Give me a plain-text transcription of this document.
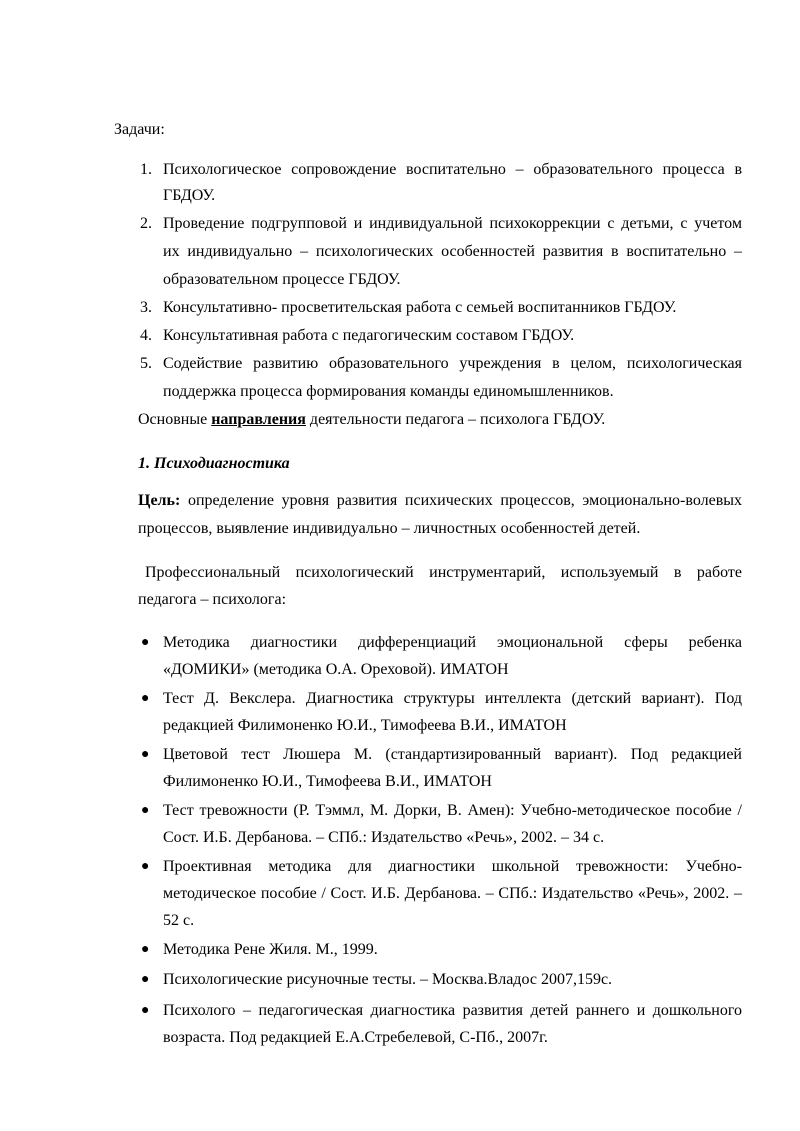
Задачи:
1. Психологическое сопровождение воспитательно – образовательного процесса в
ГБДОУ.
2. Проведение подгрупповой и индивидуальной психокоррекции с детьми, с учетом
их индивидуально – психологических особенностей развития в воспитательно –
образовательном процессе ГБДОУ.
3. Консультативно- просветительская работа с семьей воспитанников ГБДОУ.
4. Консультативная работа с педагогическим составом ГБДОУ.
5. Содействие развитию образовательного учреждения в целом, психологическая
поддержка процесса формирования команды единомышленников.
Основные направления деятельности педагога – психолога ГБДОУ.
1. Психодиагностика
Цель: определение уровня развития психических процессов, эмоционально-волевых
процессов, выявление индивидуально – личностных особенностей детей.
Профессиональный психологический инструментарий, используемый в работе
педагога – психолога:
● Методика диагностики дифференциаций эмоциональной сферы ребенка
«ДОМИКИ» (методика О.А. Ореховой). ИМАТОН
● Тест Д. Векслера. Диагностика структуры интеллекта (детский вариант). Под
редакцией Филимоненко Ю.И., Тимофеева В.И., ИМАТОН
● Цветовой тест Люшера М. (стандартизированный вариант). Под редакцией
Филимоненко Ю.И., Тимофеева В.И., ИМАТОН
● Тест тревожности (Р. Тэммл, М. Дорки, В. Амен): Учебно-методическое пособие /
Сост. И.Б. Дербанова. – СПб.: Издательство «Речь», 2002. – 34 с.
● Проективная методика для диагностики школьной тревожности: Учебно-
методическое пособие / Сост. И.Б. Дербанова. – СПб.: Издательство «Речь», 2002. –
52 с.
● Методика Рене Жиля. М., 1999.
● Психологические рисуночные тесты. – Москва.Владос 2007,159с.
● Психолого – педагогическая диагностика развития детей раннего и дошкольного
возраста. Под редакцией Е.А.Стребелевой, С-Пб., 2007г.
